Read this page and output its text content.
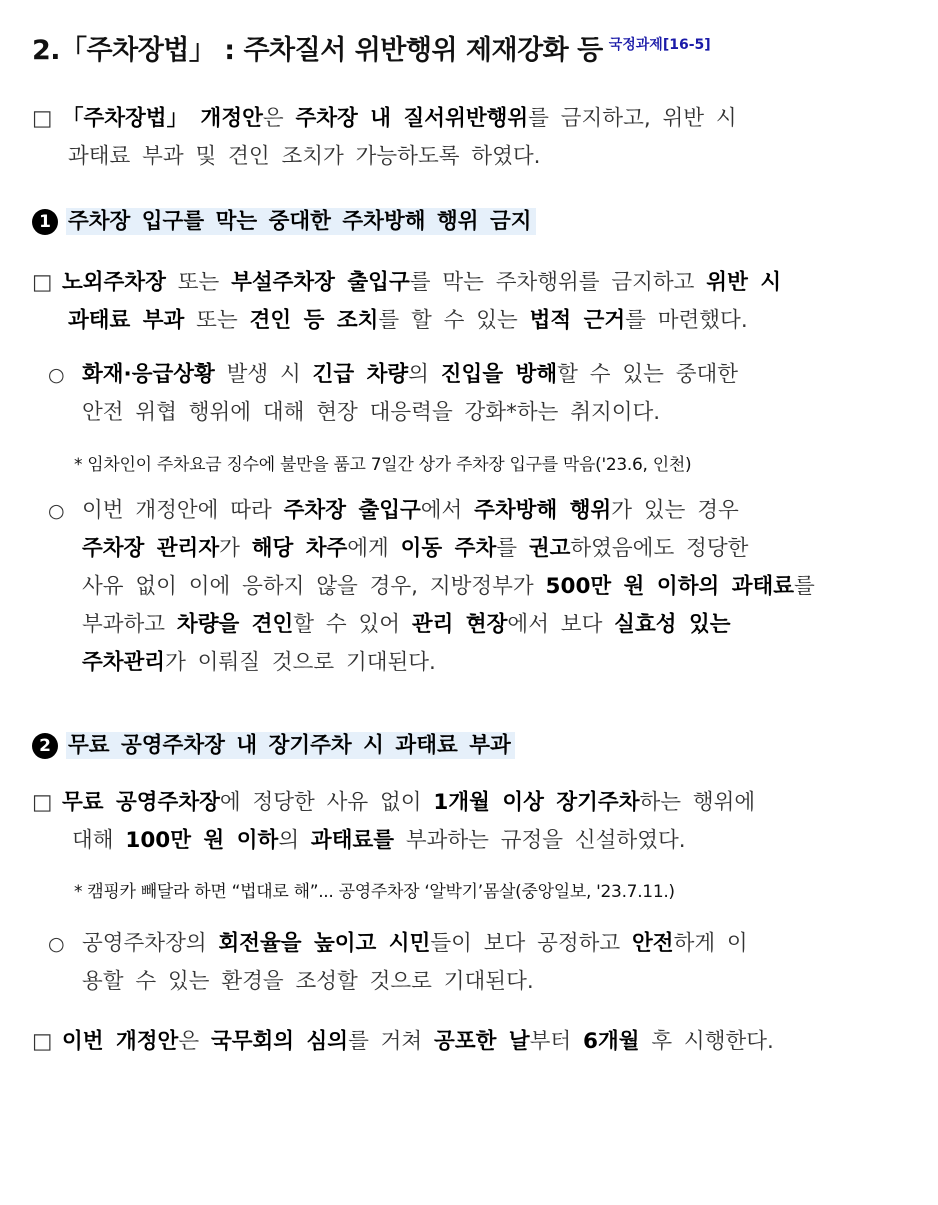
2.「주차장법」 : 주차질서 위반행위 제재강화 등 $^{국정과제[16-5]}$
□ 「주차장법」 개정안은 주차장 내 질서위반행위를 금지하고, 위반 시
과태료 부과 및 견인 조치가 가능하도록 하였다.
1 주차장 입구를 막는 중대한 주차방해 행위 금지
□ 노외주차장 또는 부설주차장 출입구를 막는 주차행위를 금지하고 위반 시
과태료 부과 또는 견인 등 조치를 할 수 있는 법적 근거를 마련했다.
○ 화재·응급상황 발생 시 긴급 차량의 진입을 방해할 수 있는 중대한
안전 위협 행위에 대해 현장 대응력을 강화*하는 취지이다.
* 임차인이 주차요금 징수에 불만을 품고 7일간 상가 주차장 입구를 막음('23.6, 인천)
○ 이번 개정안에 따라 주차장 출입구에서 주차방해 행위가 있는 경우
주차장 관리자가 해당 차주에게 이동 주차를 권고하였음에도 정당한
사유 없이 이에 응하지 않을 경우, 지방정부가 500만 원 이하의 과태료를
부과하고 차량을 견인할 수 있어 관리 현장에서 보다 실효성 있는
주차관리가 이뤄질 것으로 기대된다.
2 무료 공영주차장 내 장기주차 시 과태료 부과
□ 무료 공영주차장에 정당한 사유 없이 1개월 이상 장기주차하는 행위에
대해 100만 원 이하의 과태료를 부과하는 규정을 신설하였다.
* 캠핑카 빼달라 하면 “법대로 해”... 공영주차장 ‘알박기’몸살(중앙일보, '23.7.11.)
○ 공영주차장의 회전율을 높이고 시민들이 보다 공정하고 안전하게 이
용할 수 있는 환경을 조성할 것으로 기대된다.
□ 이번 개정안은 국무회의 심의를 거쳐 공포한 날부터 6개월 후 시행한다.
